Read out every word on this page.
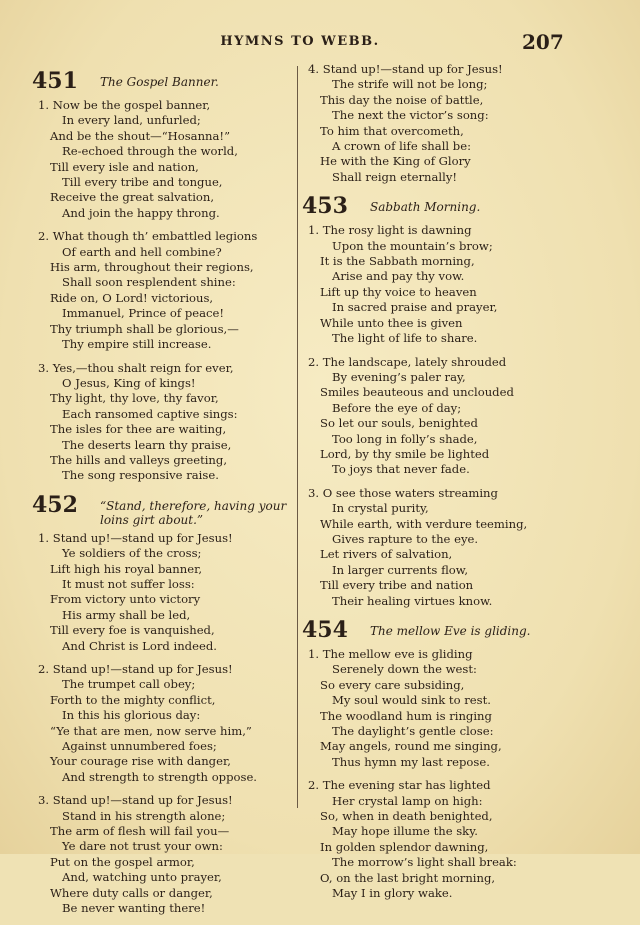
HYMNS TO WEBB.	207
451	The Gospel Banner.
1. Now be the gospel banner,
In every land, unfurled;
And be the shout—“Hosanna!”
Re-echoed through the world,
Till every isle and nation,
Till every tribe and tongue,
Receive the great salvation,
And join the happy throng.
2. What though th’ embattled legions
Of earth and hell combine?
His arm, throughout their regions,
Shall soon resplendent shine:
Ride on, O Lord! victorious,
Immanuel, Prince of peace!
Thy triumph shall be glorious,—
Thy empire still increase.
3. Yes,—thou shalt reign for ever,
O Jesus, King of kings!
Thy light, thy love, thy favor,
Each ransomed captive sings:
The isles for thee are waiting,
The deserts learn thy praise,
The hills and valleys greeting,
The song responsive raise.
452	“Stand, therefore, having your loins girt about.”
1. Stand up!—stand up for Jesus!
Ye soldiers of the cross;
Lift high his royal banner,
It must not suffer loss:
From victory unto victory
His army shall be led,
Till every foe is vanquished,
And Christ is Lord indeed.
2. Stand up!—stand up for Jesus!
The trumpet call obey;
Forth to the mighty conflict,
In this his glorious day:
“Ye that are men, now serve him,”
Against unnumbered foes;
Your courage rise with danger,
And strength to strength oppose.
3. Stand up!—stand up for Jesus!
Stand in his strength alone;
The arm of flesh will fail you—
Ye dare not trust your own:
Put on the gospel armor,
And, watching unto prayer,
Where duty calls or danger,
Be never wanting there!
4. Stand up!—stand up for Jesus!
The strife will not be long;
This day the noise of battle,
The next the victor’s song:
To him that overcometh,
A crown of life shall be:
He with the King of Glory
Shall reign eternally!
453	Sabbath Morning.
1. The rosy light is dawning
Upon the mountain’s brow;
It is the Sabbath morning,
Arise and pay thy vow.
Lift up thy voice to heaven
In sacred praise and prayer,
While unto thee is given
The light of life to share.
2. The landscape, lately shrouded
By evening’s paler ray,
Smiles beauteous and unclouded
Before the eye of day;
So let our souls, benighted
Too long in folly’s shade,
Lord, by thy smile be lighted
To joys that never fade.
3. O see those waters streaming
In crystal purity,
While earth, with verdure teeming,
Gives rapture to the eye.
Let rivers of salvation,
In larger currents flow,
Till every tribe and nation
Their healing virtues know.
454	The mellow Eve is gliding.
1. The mellow eve is gliding
Serenely down the west:
So every care subsiding,
My soul would sink to rest.
The woodland hum is ringing
The daylight’s gentle close:
May angels, round me singing,
Thus hymn my last repose.
2. The evening star has lighted
Her crystal lamp on high:
So, when in death benighted,
May hope illume the sky.
In golden splendor dawning,
The morrow’s light shall break:
O, on the last bright morning,
May I in glory wake.
